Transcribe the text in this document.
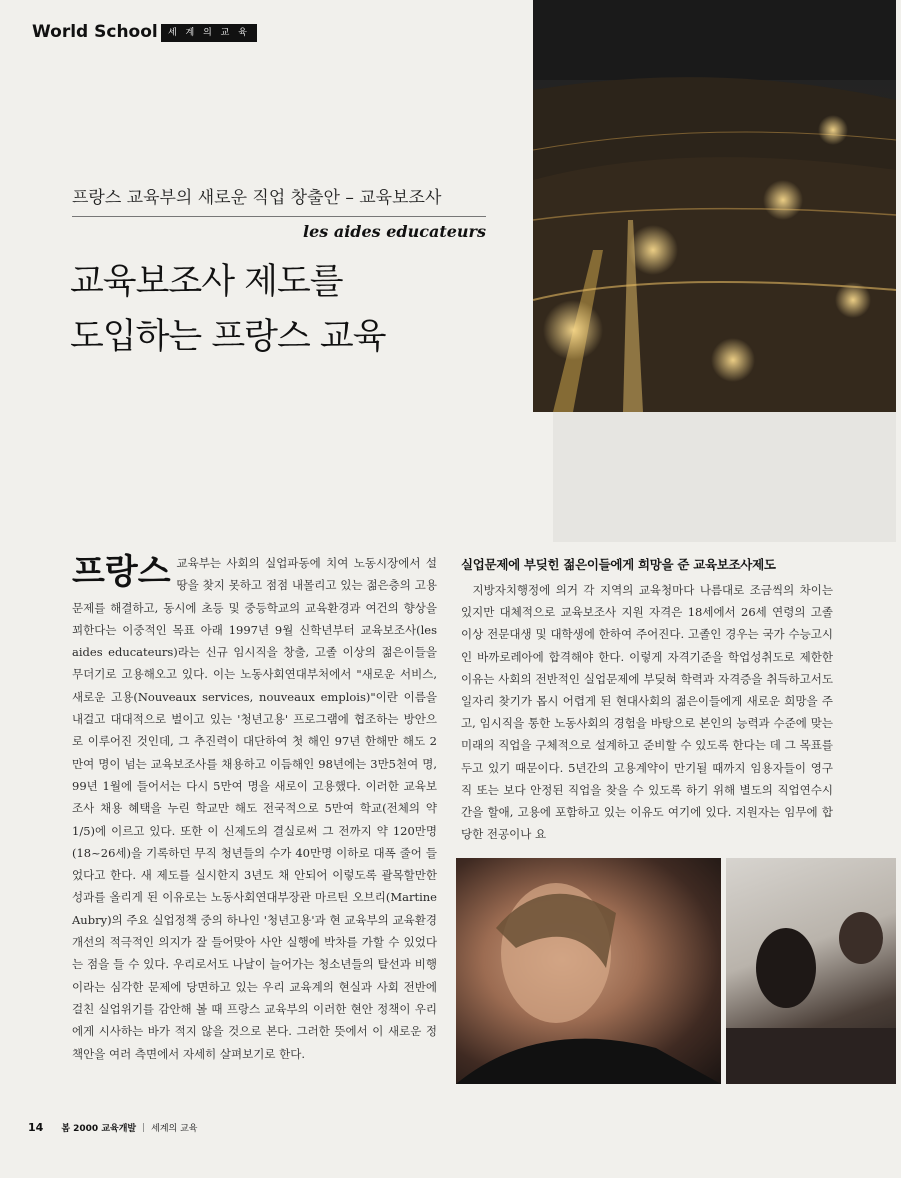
World School	세 계 의 교 육
프랑스 교육부의 새로운 직업 창출안 – 교육보조사
les aides educateurs
교육보조사 제도를
도입하는 프랑스 교육
프랑스 교육부는 사회의 실업파동에 치여 노동시장에서 설 땅을 찾지 못하고 점점 내몰리고 있는 젊은층의 고용문제를 해결하고, 동시에 초등 및 중등학교의 교육환경과 여건의 향상을 꾀한다는 이중적인 목표 아래 1997년 9월 신학년부터 교육보조사(les aides educateurs)라는 신규 임시직을 창출, 고졸 이상의 젊은이들을 무더기로 고용해오고 있다. 이는 노동사회연대부처에서 "새로운 서비스, 새로운 고용(Nouveaux services, nouveaux emplois)"이란 이름을 내걸고 대대적으로 벌이고 있는 '청년고용' 프로그램에 협조하는 방안으로 이루어진 것인데, 그 추진력이 대단하여 첫 해인 97년 한해만 해도 2만여 명이 넘는 교육보조사를 채용하고 이듬해인 98년에는 3만5천여 명, 99년 1월에 들어서는 다시 5만여 명을 새로이 고용했다. 이러한 교육보조사 채용 혜택을 누린 학교만 해도 전국적으로 5만여 학교(전체의 약1/5)에 이르고 있다. 또한 이 신제도의 결실로써 그 전까지 약 120만명(18~26세)을 기록하던 무직 청년들의 수가 40만명 이하로 대폭 줄어 들었다고 한다. 새 제도를 실시한지 3년도 채 안되어 이렇도록 괄목할만한 성과를 올리게 된 이유로는 노동사회연대부장관 마르틴 오브리(Martine Aubry)의 주요 실업정책 중의 하나인 '청년고용'과 현 교육부의 교육환경개선의 적극적인 의지가 잘 들어맞아 사안 실행에 박차를 가할 수 있었다는 점을 들 수 있다. 우리로서도 나날이 늘어가는 청소년들의 탈선과 비행이라는 심각한 문제에 당면하고 있는 우리 교육계의 현실과 사회 전반에 걸친 실업위기를 감안해 볼 때 프랑스 교육부의 이러한 현안 정책이 우리에게 시사하는 바가 적지 않을 것으로 본다. 그러한 뜻에서 이 새로운 정책안을 여러 측면에서 자세히 살펴보기로 한다.
실업문제에 부딪힌 젊은이들에게 희망을 준 교육보조사제도
지방자치행정에 의거 각 지역의 교육청마다 나름대로 조금씩의 차이는 있지만 대체적으로 교육보조사 지원 자격은 18세에서 26세 연령의 고졸 이상 전문대생 및 대학생에 한하여 주어진다. 고졸인 경우는 국가 수능고시인 바까로레아에 합격해야 한다. 이렇게 자격기준을 학업성취도로 제한한 이유는 사회의 전반적인 실업문제에 부딪혀 학력과 자격증을 취득하고서도 일자리 찾기가 몹시 어렵게 된 현대사회의 젊은이들에게 새로운 희망을 주고, 임시직을 통한 노동사회의 경험을 바탕으로 본인의 능력과 수준에 맞는 미래의 직업을 구체적으로 설계하고 준비할 수 있도록 한다는 데 그 목표를 두고 있기 때문이다. 5년간의 고용계약이 만기될 때까지 임용자들이 영구직 또는 보다 안정된 직업을 찾을 수 있도록 하기 위해 별도의 직업연수시간을 할애, 고용에 포함하고 있는 이유도 여기에 있다. 지원자는 임무에 합당한 전공이나 요
14 봄 2000 교육개발 | 세계의 교육
